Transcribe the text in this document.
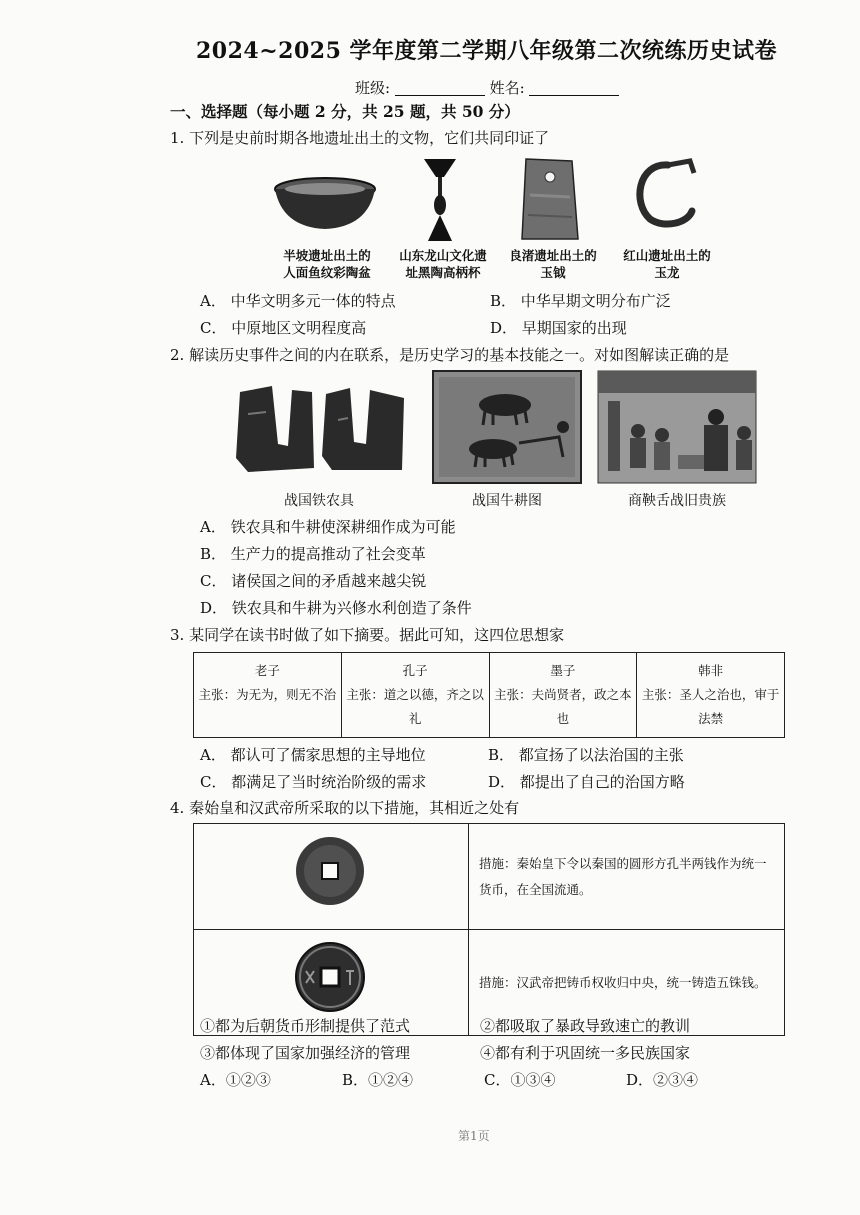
2024~2025 学年度第二学期八年级第二次统练历史试卷
班级:	姓名:
一、选择题（每小题 2 分，共 25 题，共 50 分）
1. 下列是史前时期各地遗址出土的文物，它们共同印证了
半坡遗址出土的
人面鱼纹彩陶盆
山东龙山文化遗
址黑陶高柄杯
良渚遗址出土的
玉钺
红山遗址出土的
玉龙
A． 中华文明多元一体的特点	B． 中华早期文明分布广泛
C． 中原地区文明程度高	D． 早期国家的出现
2. 解读历史事件之间的内在联系，是历史学习的基本技能之一。对如图解读正确的是
战国铁农具	战国牛耕图	商鞅舌战旧贵族
A． 铁农具和牛耕使深耕细作成为可能
B． 生产力的提高推动了社会变革
C． 诸侯国之间的矛盾越来越尖锐
D． 铁农具和牛耕为兴修水利创造了条件
3. 某同学在读书时做了如下摘要。据此可知，这四位思想家
老子
主张：为无为，则无不治

孔子
主张：道之以德，齐之以礼

墨子
主张：夫尚贤者，政之本也

韩非
主张：圣人之治也，审于法禁
A． 都认可了儒家思想的主导地位	B． 都宣扬了以法治国的主张
C． 都满足了当时统治阶级的需求	D． 都提出了自己的治国方略
4. 秦始皇和汉武帝所采取的以下措施，其相近之处有
	措施：秦始皇下令以秦国的圆形方孔半两钱作为统一货币，在全国流通。

	措施：汉武帝把铸币权收归中央，统一铸造五铢钱。
①都为后朝货币形制提供了范式	②都吸取了暴政导致速亡的教训
③都体现了国家加强经济的管理	④都有利于巩固统一多民族国家
A．①②③	B．①②④	C．①③④	D．②③④
第1页
